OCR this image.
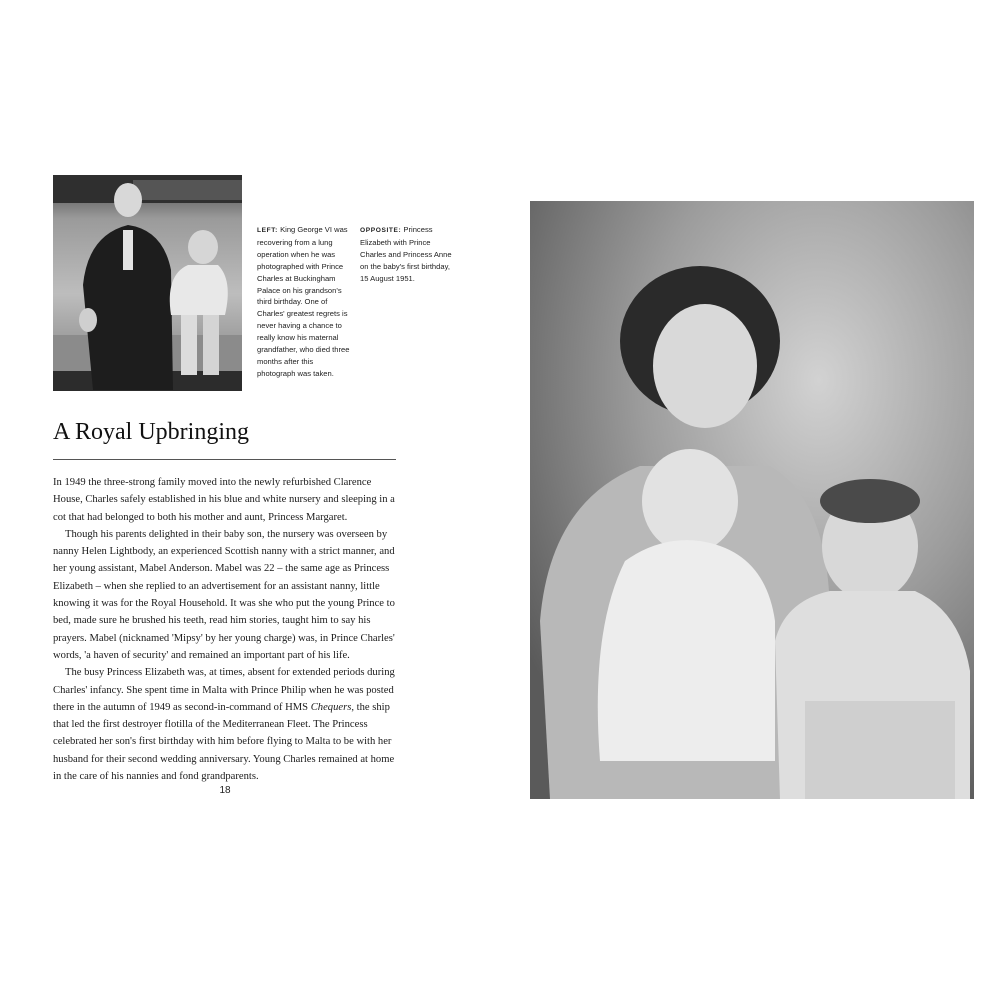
LEFT: King George VI was recovering from a lung operation when he was photographed with Prince Charles at Buckingham Palace on his grandson's third birthday. One of Charles' greatest regrets is never having a chance to really know his maternal grandfather, who died three months after this photograph was taken.
OPPOSITE: Princess Elizabeth with Prince Charles and Princess Anne on the baby's first birthday, 15 August 1951.
A Royal Upbringing

In 1949 the three-strong family moved into the newly refurbished Clarence House, Charles safely established in his blue and white nursery and sleeping in a cot that had belonged to both his mother and aunt, Princess Margaret.

Though his parents delighted in their baby son, the nursery was overseen by nanny Helen Lightbody, an experienced Scottish nanny with a strict manner, and her young assistant, Mabel Anderson. Mabel was 22 – the same age as Princess Elizabeth – when she replied to an advertisement for an assistant nanny, little knowing it was for the Royal Household. It was she who put the young Prince to bed, made sure he brushed his teeth, read him stories, taught him to say his prayers. Mabel (nicknamed 'Mipsy' by her young charge) was, in Prince Charles' words, 'a haven of security' and remained an important part of his life.

The busy Princess Elizabeth was, at times, absent for extended periods during Charles' infancy. She spent time in Malta with Prince Philip when he was posted there in the autumn of 1949 as second-in-command of HMS Chequers, the ship that led the first destroyer flotilla of the Mediterranean Fleet. The Princess celebrated her son's first birthday with him before flying to Malta to be with her husband for their second wedding anniversary. Young Charles remained at home in the care of his nannies and fond grandparents.

18
